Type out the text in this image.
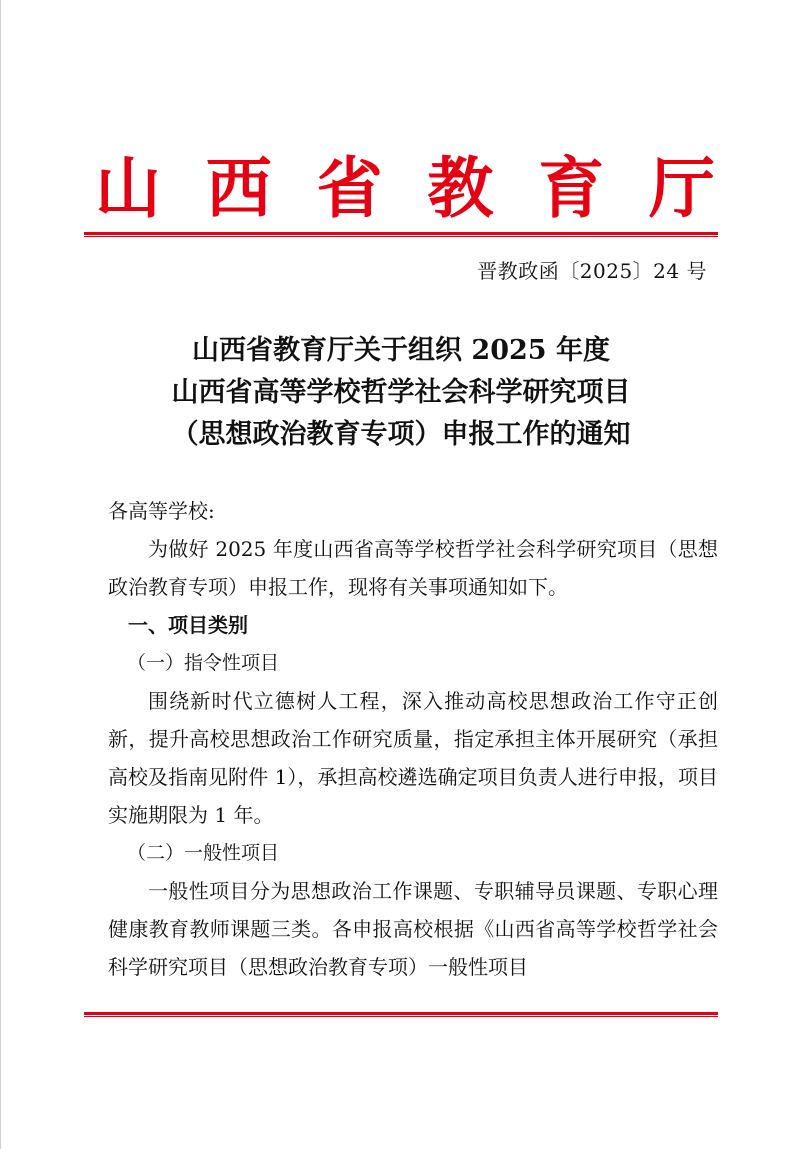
山 西 省 教 育 厅
晋教政函〔2025〕24 号
山西省教育厅关于组织 2025 年度
山西省高等学校哲学社会科学研究项目
（思想政治教育专项）申报工作的通知

各高等学校:

为做好 2025 年度山西省高等学校哲学社会科学研究项目（思想政治教育专项）申报工作，现将有关事项通知如下。

一、项目类别

（一）指令性项目

围绕新时代立德树人工程，深入推动高校思想政治工作守正创新，提升高校思想政治工作研究质量，指定承担主体开展研究（承担高校及指南见附件 1），承担高校遴选确定项目负责人进行申报，项目实施期限为 1 年。

（二）一般性项目

一般性项目分为思想政治工作课题、专职辅导员课题、专职心理健康教育教师课题三类。各申报高校根据《山西省高等学校哲学社会科学研究项目（思想政治教育专项）一般性项目
